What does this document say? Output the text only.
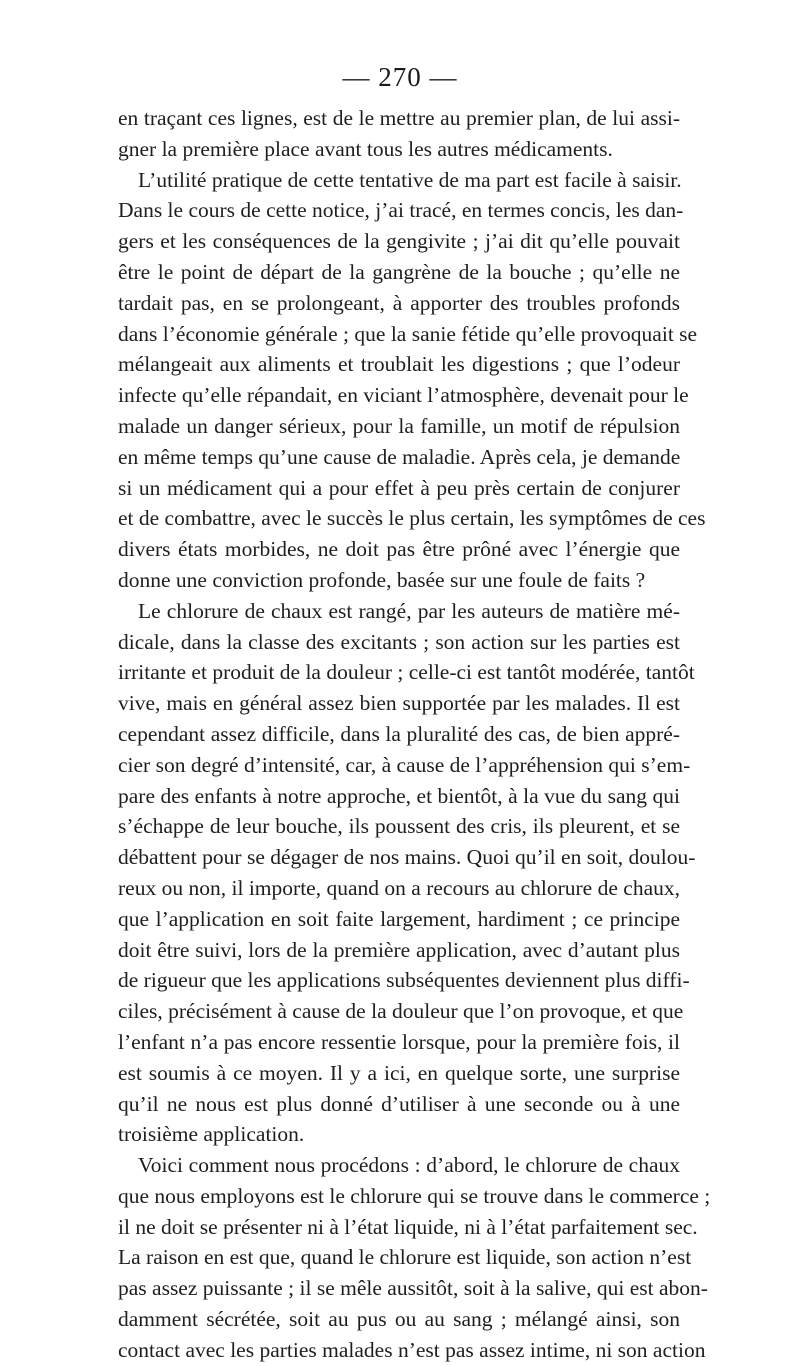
— 270 —
en traçant ces lignes, est de le mettre au premier plan, de lui assi-
gner la première place avant tous les autres médicaments.
L’utilité pratique de cette tentative de ma part est facile à saisir.
Dans le cours de cette notice, j’ai tracé, en termes concis, les dan-
gers et les conséquences de la gengivite ; j’ai dit qu’elle pouvait
être le point de départ de la gangrène de la bouche ; qu’elle ne
tardait pas, en se prolongeant, à apporter des troubles profonds
dans l’économie générale ; que la sanie fétide qu’elle provoquait se
mélangeait aux aliments et troublait les digestions ; que l’odeur
infecte qu’elle répandait, en viciant l’atmosphère, devenait pour le
malade un danger sérieux, pour la famille, un motif de répulsion
en même temps qu’une cause de maladie. Après cela, je demande
si un médicament qui a pour effet à peu près certain de conjurer
et de combattre, avec le succès le plus certain, les symptômes de ces
divers états morbides, ne doit pas être prôné avec l’énergie que
donne une conviction profonde, basée sur une foule de faits ?
Le chlorure de chaux est rangé, par les auteurs de matière mé-
dicale, dans la classe des excitants ; son action sur les parties est
irritante et produit de la douleur ; celle-ci est tantôt modérée, tantôt
vive, mais en général assez bien supportée par les malades. Il est
cependant assez difficile, dans la pluralité des cas, de bien appré-
cier son degré d’intensité, car, à cause de l’appréhension qui s’em-
pare des enfants à notre approche, et bientôt, à la vue du sang qui
s’échappe de leur bouche, ils poussent des cris, ils pleurent, et se
débattent pour se dégager de nos mains. Quoi qu’il en soit, doulou-
reux ou non, il importe, quand on a recours au chlorure de chaux,
que l’application en soit faite largement, hardiment ; ce principe
doit être suivi, lors de la première application, avec d’autant plus
de rigueur que les applications subséquentes deviennent plus diffi-
ciles, précisément à cause de la douleur que l’on provoque, et que
l’enfant n’a pas encore ressentie lorsque, pour la première fois, il
est soumis à ce moyen. Il y a ici, en quelque sorte, une surprise
qu’il ne nous est plus donné d’utiliser à une seconde ou à une
troisième application.
Voici comment nous procédons : d’abord, le chlorure de chaux
que nous employons est le chlorure qui se trouve dans le commerce ;
il ne doit se présenter ni à l’état liquide, ni à l’état parfaitement sec.
La raison en est que, quand le chlorure est liquide, son action n’est
pas assez puissante ; il se mêle aussitôt, soit à la salive, qui est abon-
damment sécrétée, soit au pus ou au sang ; mélangé ainsi, son
contact avec les parties malades n’est pas assez intime, ni son action
